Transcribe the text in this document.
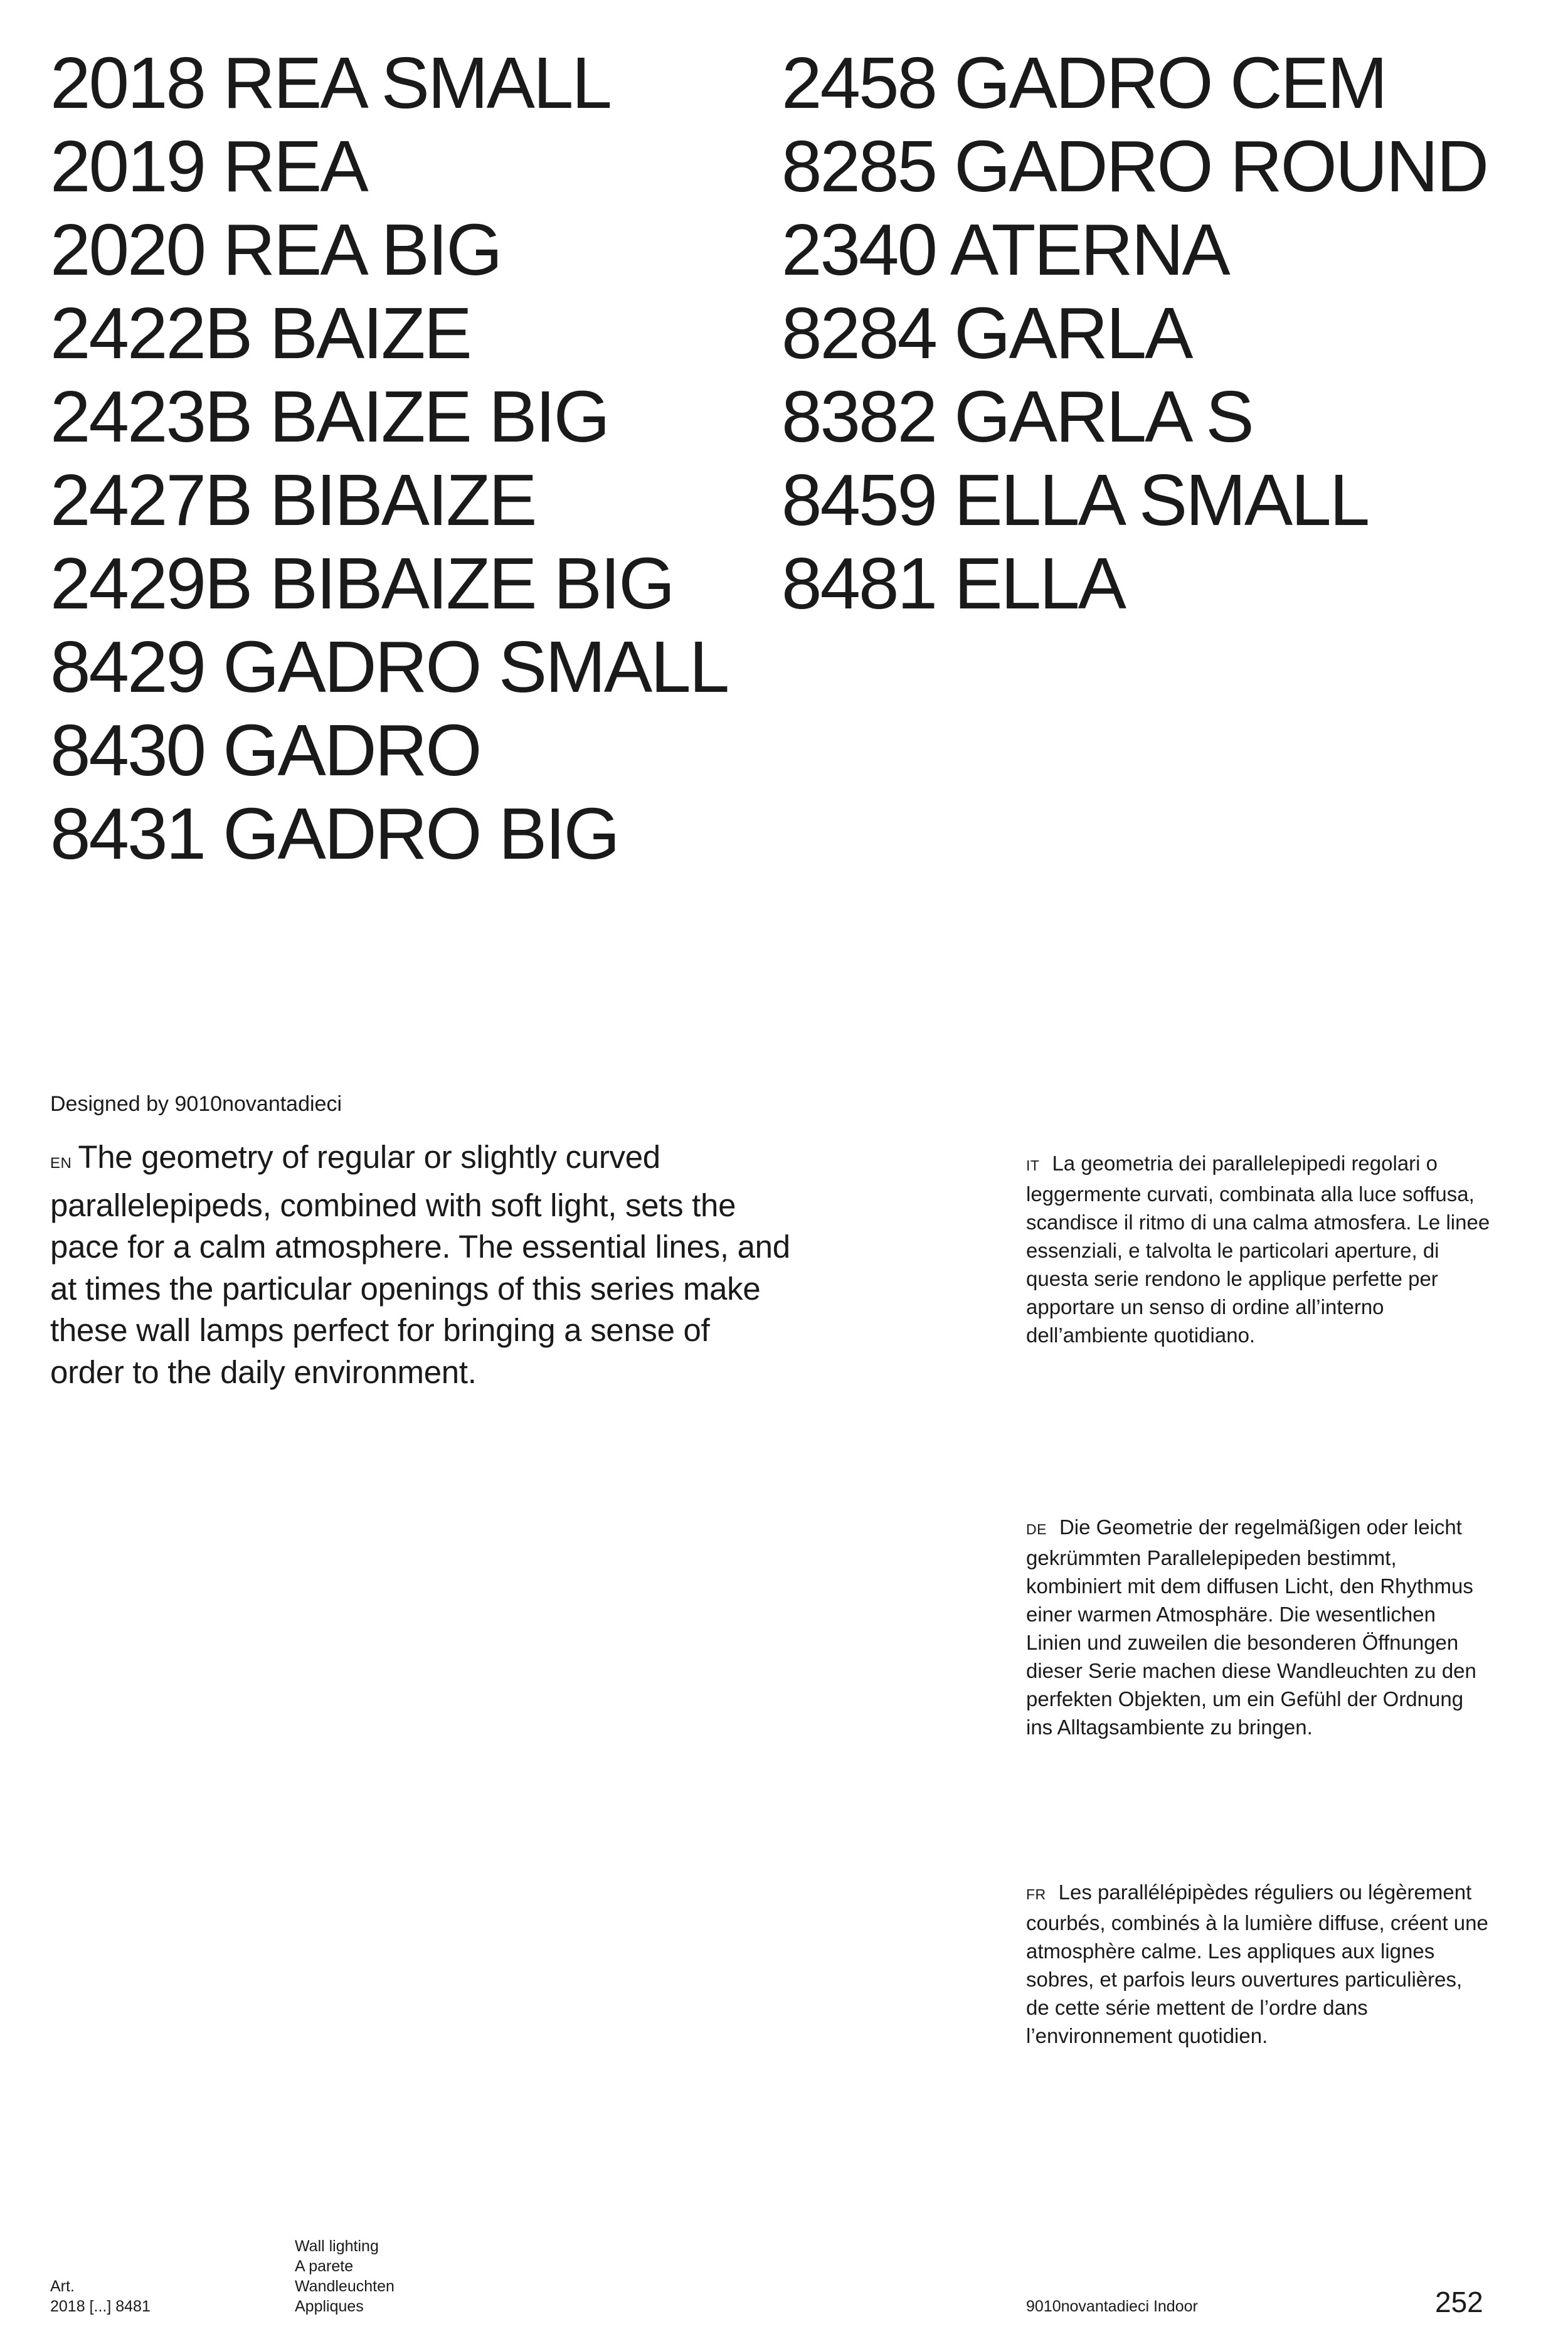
2018 REA SMALL
2019 REA
2020 REA BIG
2422B BAIZE
2423B BAIZE BIG
2427B BIBAIZE
2429B BIBAIZE BIG
8429 GADRO SMALL
8430 GADRO
8431 GADRO BIG
2458 GADRO CEM
8285 GADRO ROUND
2340 ATERNA
8284 GARLA
8382 GARLA S
8459 ELLA SMALL
8481 ELLA
Designed by 9010novantadieci
EN The geometry of regular or slightly curved parallelepipeds, combined with soft light, sets the pace for a calm atmosphere. The essential lines, and at times the particular openings of this series make these wall lamps perfect for bringing a sense of order to the daily environment.
IT La geometria dei parallelepipedi regolari o leggermente curvati, combinata alla luce soffusa, scandisce il ritmo di una calma atmosfera. Le linee essenziali, e talvolta le particolari aperture, di questa serie rendono le applique perfette per apportare un senso di ordine all’interno dell’ambiente quotidiano.
DE Die Geometrie der regelmäßigen oder leicht gekrümmten Parallelepipeden bestimmt, kombiniert mit dem diffusen Licht, den Rhythmus einer warmen Atmosphäre. Die wesentlichen Linien und zuweilen die besonderen Öffnungen dieser Serie machen diese Wandleuchten zu den perfekten Objekten, um ein Gefühl der Ordnung ins Alltagsambiente zu bringen.
FR Les parallélépipèdes réguliers ou légèrement courbés, combinés à la lumière diffuse, créent une atmosphère calme. Les appliques aux lignes sobres, et parfois leurs ouvertures particulières, de cette série mettent de l’ordre dans l’environnement quotidien.
Art.
2018 [...] 8481
Wall lighting
A parete
Wandleuchten
Appliques	9010novantadieci Indoor	252
